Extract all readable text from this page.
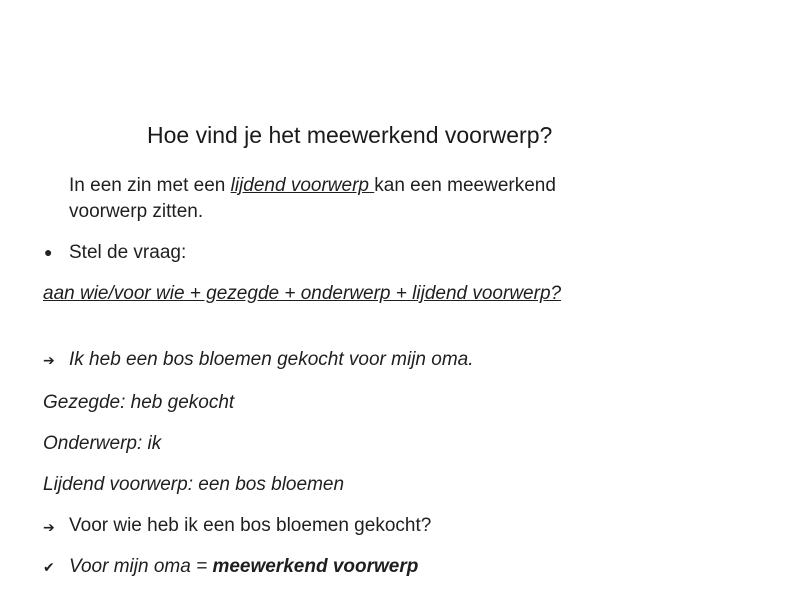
Hoe vind je het meewerkend voorwerp?
In een zin met een lijdend voorwerp kan een meewerkend
voorwerp zitten.
● Stel de vraag:
aan wie/voor wie + gezegde + onderwerp + lijdend voorwerp?
➔ Ik heb een bos bloemen gekocht voor mijn oma.
Gezegde: heb gekocht
Onderwerp: ik
Lijdend voorwerp: een bos bloemen
➔ Voor wie heb ik een bos bloemen gekocht?
✔ Voor mijn oma = meewerkend voorwerp
